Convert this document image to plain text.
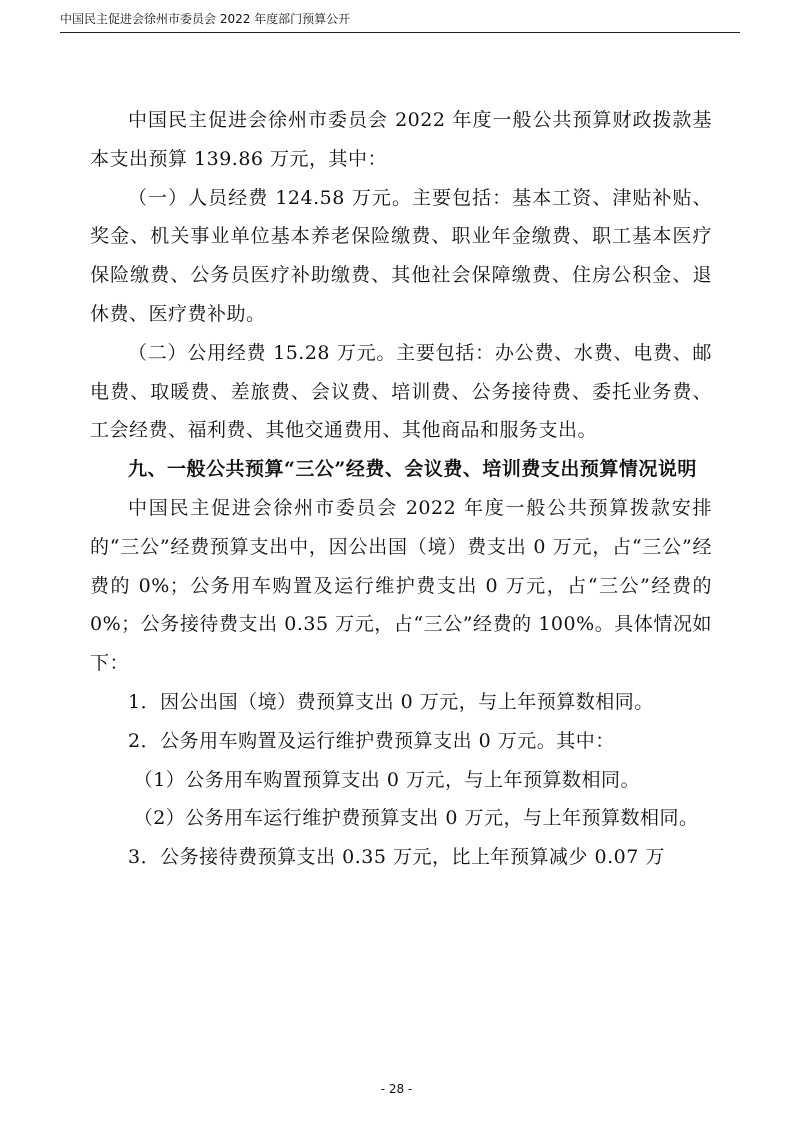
中国民主促进会徐州市委员会 2022 年度部门预算公开

中国民主促进会徐州市委员会 2022 年度一般公共预算财政拨款基本支出预算 139.86 万元，其中：

（一）人员经费 124.58 万元。主要包括：基本工资、津贴补贴、奖金、机关事业单位基本养老保险缴费、职业年金缴费、职工基本医疗保险缴费、公务员医疗补助缴费、其他社会保障缴费、住房公积金、退休费、医疗费补助。

（二）公用经费 15.28 万元。主要包括：办公费、水费、电费、邮电费、取暖费、差旅费、会议费、培训费、公务接待费、委托业务费、工会经费、福利费、其他交通费用、其他商品和服务支出。

九、一般公共预算“三公”经费、会议费、培训费支出预算情况说明

中国民主促进会徐州市委员会 2022 年度一般公共预算拨款安排的“三公”经费预算支出中，因公出国（境）费支出 0 万元，占“三公”经费的 0%；公务用车购置及运行维护费支出 0 万元，占“三公”经费的 0%；公务接待费支出 0.35 万元，占“三公”经费的 100%。具体情况如下：

1．因公出国（境）费预算支出 0 万元，与上年预算数相同。

2．公务用车购置及运行维护费预算支出 0 万元。其中：

（1）公务用车购置预算支出 0 万元，与上年预算数相同。

（2）公务用车运行维护费预算支出 0 万元，与上年预算数相同。

3．公务接待费预算支出 0.35 万元，比上年预算减少 0.07 万

- 28 -
